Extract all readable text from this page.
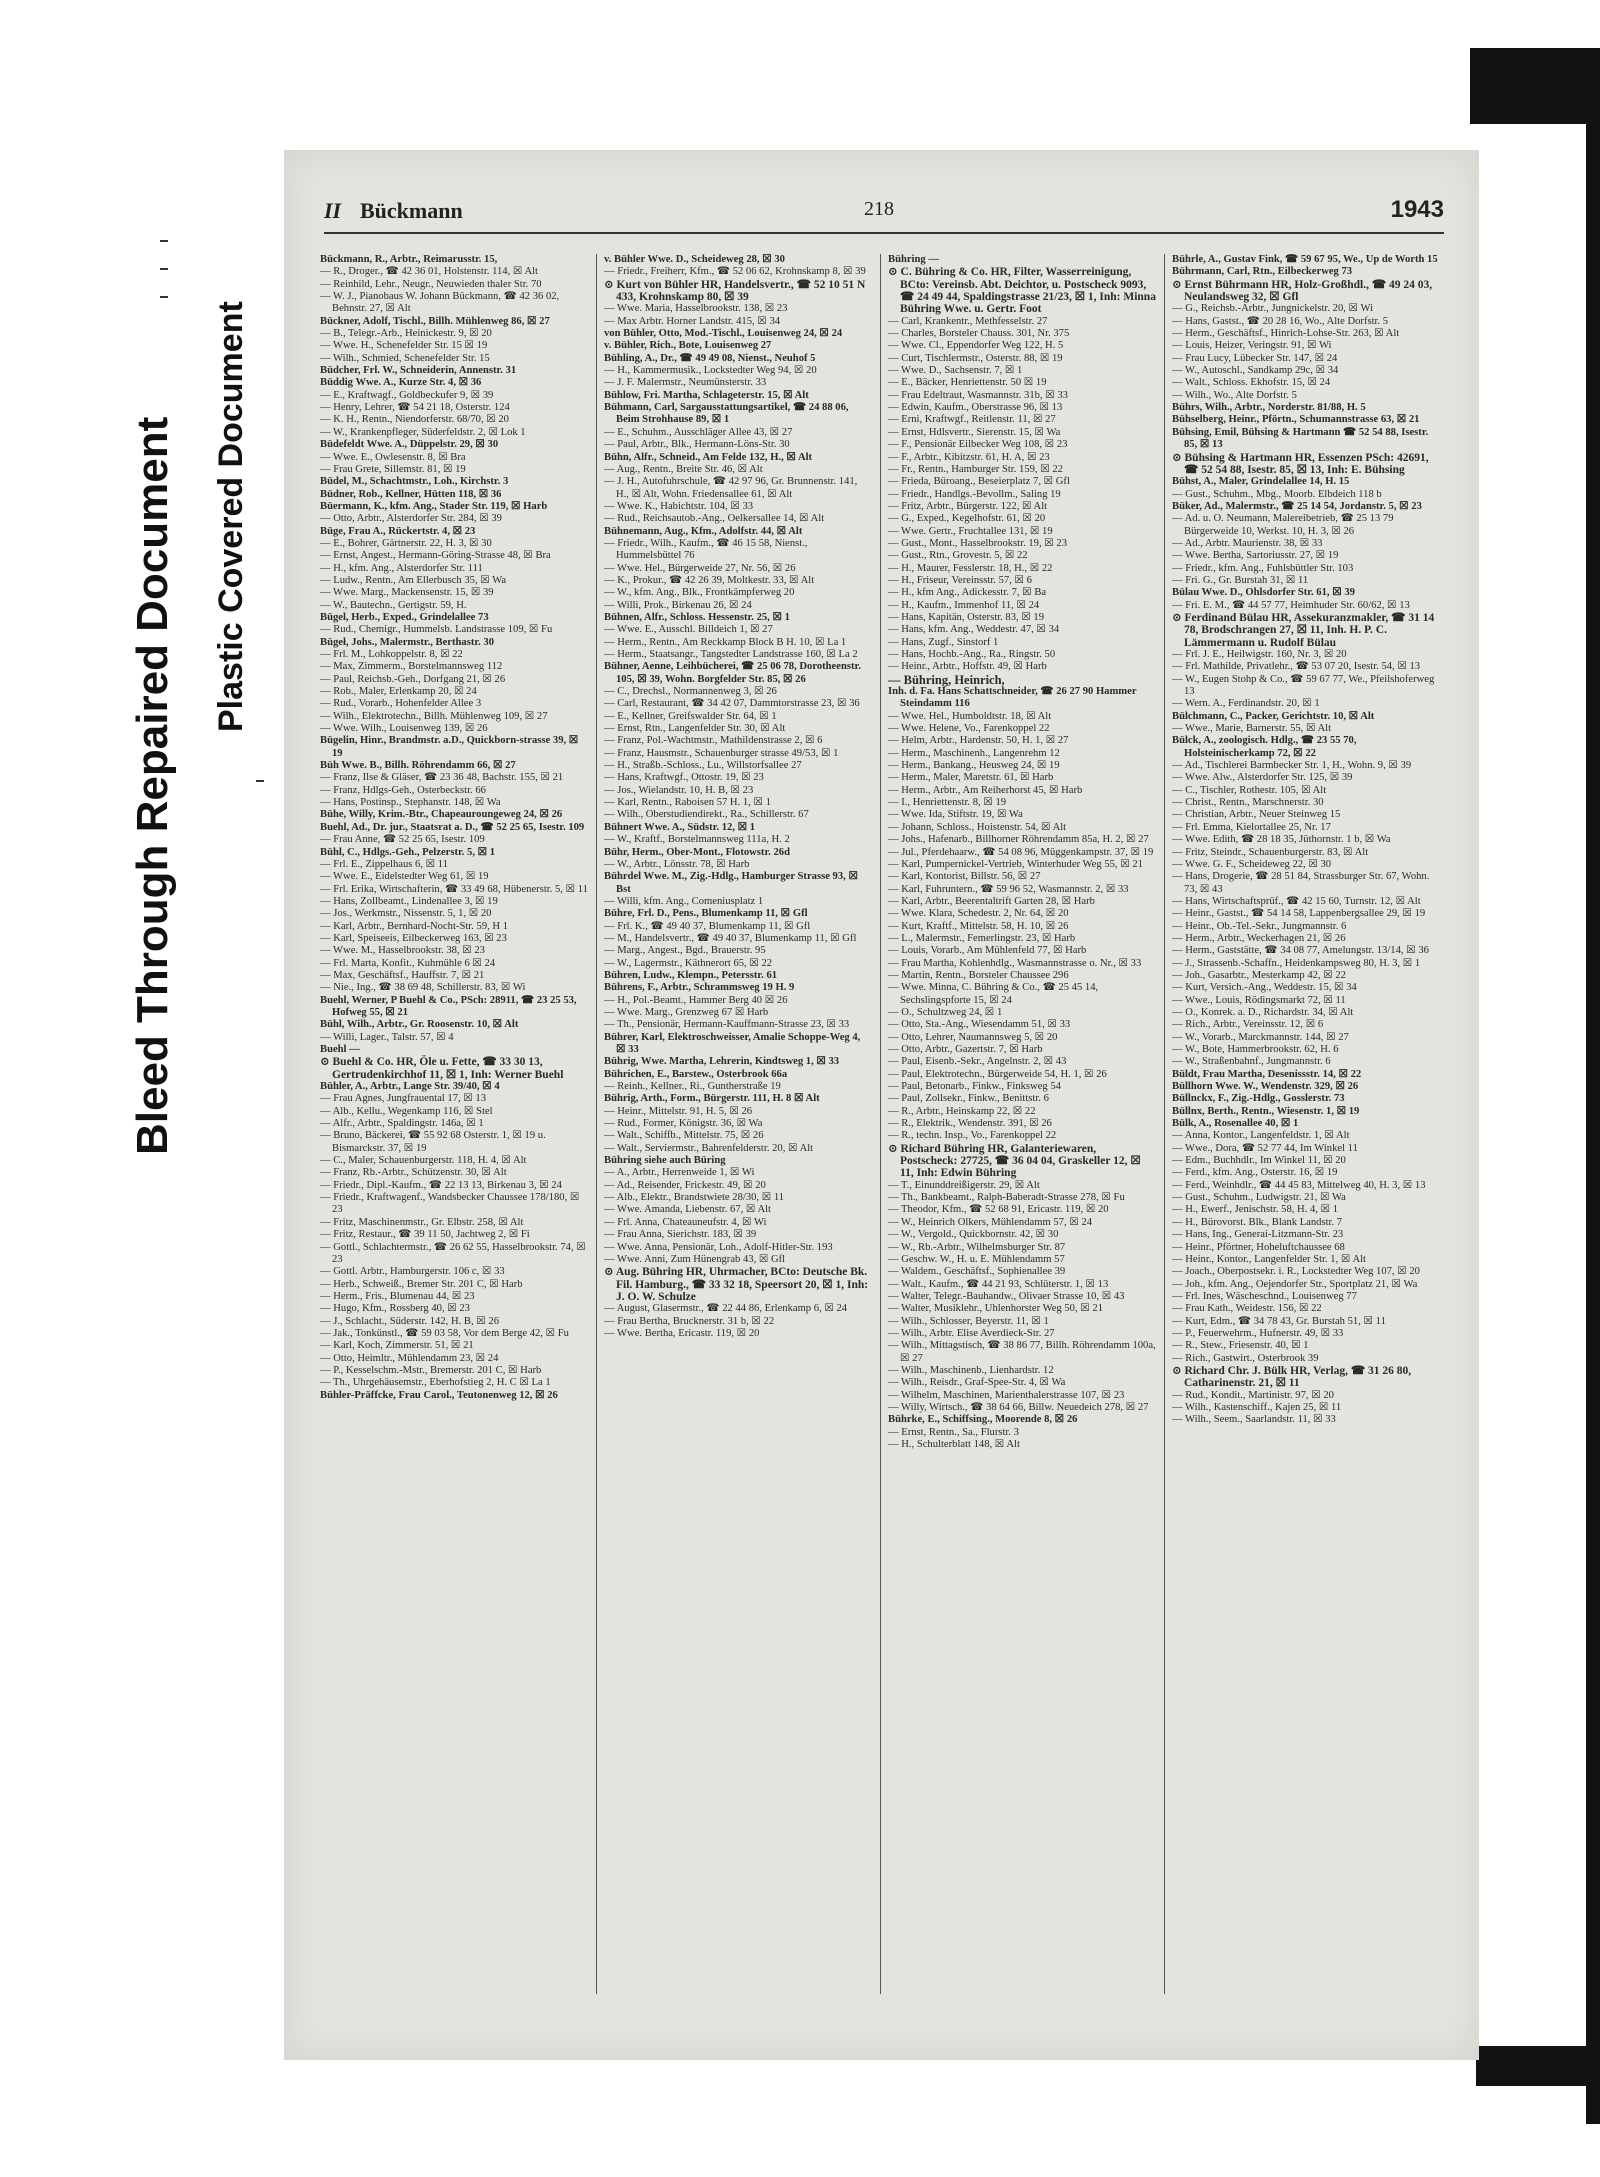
Bleed Through Repaired Document Plastic Covered Document
II Bückmann	218	1943

Bückmann, R., Arbtr., Reimarusstr. 15,

— R., Droger., ☎ 42 36 01, Holstenstr. 114, ☒ Alt

— Reinhild, Lehr., Neugr., Neuwieden thaler Str. 70

— W. J., Pianobaus W. Johann Bückmann, ☎ 42 36 02, Behnstr. 27, ☒ Alt

Bückner, Adolf, Tischl., Billh. Mühlenweg 86, ☒ 27

— B., Telegr.-Arb., Heinickestr. 9, ☒ 20

— Wwe. H., Schenefelder Str. 15 ☒ 19

— Wilh., Schmied, Schenefelder Str. 15

Büdcher, Frl. W., Schneiderin, Annenstr. 31

Büddig Wwe. A., Kurze Str. 4, ☒ 36

— E., Kraftwagf., Goldbeckufer 9, ☒ 39

— Henry, Lehrer, ☎ 54 21 18, Osterstr. 124

— K. H., Rentn., Niendorferstr. 68/70, ☒ 20

— W., Krankenpfleger, Süderfeldstr. 2, ☒ Lok 1

Büdefeldt Wwe. A., Düppelstr. 29, ☒ 30

— Wwe. E., Owlesenstr. 8, ☒ Bra

— Frau Grete, Sillemstr. 81, ☒ 19

Büdel, M., Schachtmstr., Loh., Kirchstr. 3

Büdner, Rob., Kellner, Hütten 118, ☒ 36

Büermann, K., kfm. Ang., Stader Str. 119, ☒ Harb

— Otto, Arbtr., Alsterdorfer Str. 284, ☒ 39

Büge, Frau A., Rückertstr. 4, ☒ 23

— E., Bohrer, Gärtnerstr. 22, H. 3, ☒ 30

— Ernst, Angest., Hermann-Göring-Strasse 48, ☒ Bra

— H., kfm. Ang., Alsterdorfer Str. 111

— Ludw., Rentn., Am Ellerbusch 35, ☒ Wa

— Wwe. Marg., Mackensenstr. 15, ☒ 39

— W., Bautechn., Gertigstr. 59, H.

Bügel, Herb., Exped., Grindelallee 73

— Rud., Chemigr., Hummelsb. Landstrasse 109, ☒ Fu

Bügeł, Johs., Malermstr., Berthastr. 30

— Frl. M., Lohkoppelstr. 8, ☒ 22

— Max, Zimmerm., Borstelmannsweg 112

— Paul, Reichsb.-Geh., Dorfgang 21, ☒ 26

— Rob., Maler, Erlenkamp 20, ☒ 24

— Rud., Vorarb., Hohenfelder Allee 3

— Wilh., Elektrotechn., Billh. Mühlenweg 109, ☒ 27

— Wwe. Wilh., Louisenweg 139, ☒ 26

Bügelin, Hinr., Brandmstr. a.D., Quickborn-strasse 39, ☒ 19

Büh Wwe. B., Billh. Röhrendamm 66, ☒ 27

— Franz, Ilse & Gläser, ☎ 23 36 48, Bachstr. 155, ☒ 21

— Franz, Hdlgs-Geh., Osterbeckstr. 66

— Hans, Postinsp., Stephanstr. 148, ☒ Wa

Bühe, Willy, Krim.-Btr., Chapeauroungeweg 24, ☒ 26

Buehl, Ad., Dr. jur., Staatsrat a. D., ☎ 52 25 65, Isestr. 109

— Frau Anne, ☎ 52 25 65, Isestr. 109

Bühl, C., Hdlgs.-Geh., Pelzerstr. 5, ☒ 1

— Frl. E., Zippelhaus 6, ☒ 11

— Wwe. E., Eidelstedter Weg 61, ☒ 19

— Frl. Erika, Wirtschafterin, ☎ 33 49 68, Hübenerstr. 5, ☒ 11

— Hans, Zollbeamt., Lindenallee 3, ☒ 19

— Jos., Werkmstr., Nissenstr. 5, 1, ☒ 20

— Karl, Arbtr., Bernhard-Nocht-Str. 59, H 1

— Karl, Speiseeis, Eilbeckerweg 163, ☒ 23

— Wwe. M., Hasselbrookstr. 38, ☒ 23

— Frl. Marta, Konfit., Kuhmühle 6 ☒ 24

— Max, Geschäftsf., Hauffstr. 7, ☒ 21

— Nie., Ing., ☎ 38 69 48, Schillerstr. 83, ☒ Wi

Buehl, Werner, P Buehl & Co., PSch: 28911, ☎ 23 25 53, Hofweg 55, ☒ 21

Bühl, Wilh., Arbtr., Gr. Roosenstr. 10, ☒ Alt

— Willi, Lager., Talstr. 57, ☒ 4

Buehl —

⊙ Buehl & Co. HR, Öle u. Fette, ☎ 33 30 13, Gertrudenkirchhof 11, ☒ 1, Inh: Werner Buehl

Bühler, A., Arbtr., Lange Str. 39/40, ☒ 4

— Frau Agnes, Jungfrauental 17, ☒ 13

— Alb., Kellu., Wegenkamp 116, ☒ Stel

— Alfr., Arbtr., Spaldingstr. 146a, ☒ 1

— Bruno, Bäckerei, ☎ 55 92 68 Osterstr. 1, ☒ 19 u. Bismarckstr. 37, ☒ 19

— C., Maler, Schauenburgerstr. 118, H. 4, ☒ Alt

— Franz, Rb.-Arbtr., Schützenstr. 30, ☒ Alt

— Friedr., Dipl.-Kaufm., ☎ 22 13 13, Birkenau 3, ☒ 24

— Friedr., Kraftwagenf., Wandsbecker Chaussee 178/180, ☒ 23

— Fritz, Maschinenmstr., Gr. Elbstr. 258, ☒ Alt

— Fritz, Restaur., ☎ 39 11 50, Jachtweg 2, ☒ Fi

— Gottl., Schlachtermstr., ☎ 26 62 55, Hasselbrookstr. 74, ☒ 23

— Gottl. Arbtr., Hamburgerstr. 106 c, ☒ 33

— Herb., Schweiß., Bremer Str. 201 C, ☒ Harb

— Herm., Fris., Blumenau 44, ☒ 23

— Hugo, Kfm., Rossberg 40, ☒ 23

— J., Schlacht., Süderstr. 142, H. B, ☒ 26

— Jak., Tonkünstl., ☎ 59 03 58, Vor dem Berge 42, ☒ Fu

— Karl, Koch, Zimmerstr. 51, ☒ 21

— Otto, Heimltr., Mühlendamm 23, ☒ 24

— P., Kesselschm.-Mstr., Bremerstr. 201 C, ☒ Harb

— Th., Uhrgehäusemstr., Eberhofstieg 2, H. C ☒ La 1

Bühler-Präffcke, Frau Carol., Teutonenweg 12, ☒ 26

v. Bühler Wwe. D., Scheideweg 28, ☒ 30

— Friedr., Freiherr, Kfm., ☎ 52 06 62, Krohnskamp 8, ☒ 39

⊙ Kurt von Bühler HR, Handelsvertr., ☎ 52 10 51 N 433, Krohnskamp 80, ☒ 39

— Wwe. Maria, Hasselbrookstr. 138, ☒ 23

— Max Arbtr. Horner Landstr. 415, ☒ 34

von Bühler, Otto, Mod.-Tischl., Louisenweg 24, ☒ 24

v. Bühler, Rich., Bote, Louisenweg 27

Bühling, A., Dr., ☎ 49 49 08, Nienst., Neuhof 5

— H., Kammermusik., Lockstedter Weg 94, ☒ 20

— J. F. Malermstr., Neumünsterstr. 33

Bühlow, Fri. Martha, Schlageterstr. 15, ☒ Alt

Bühmann, Carl, Sargausstattungsartikel, ☎ 24 88 06, Beim Strohhause 89, ☒ 1

— E., Schuhm., Ausschläger Allee 43, ☒ 27

— Paul, Arbtr., Blk., Hermann-Löns-Str. 30

Bühn, Alfr., Schneid., Am Felde 132, H., ☒ Alt

— Aug., Rentn., Breite Str. 46, ☒ Alt

— J. H., Autofuhrschule, ☎ 42 97 96, Gr. Brunnenstr. 141, H., ☒ Alt, Wohn. Friedensallee 61, ☒ Alt

— Wwe. K., Habichtstr. 104, ☒ 33

— Rud., Reichsautob.-Ang., Oelkersallee 14, ☒ Alt

Bühnemann, Aug., Kfm., Adolfstr. 44, ☒ Alt

— Friedr., Wilh., Kaufm., ☎ 46 15 58, Nienst., Hummelsbüttel 76

— Wwe. Hel., Bürgerweide 27, Nr. 56, ☒ 26

— K., Prokur., ☎ 42 26 39, Moltkestr. 33, ☒ Alt

— W., kfm. Ang., Blk., Frontkämpferweg 20

— Willi, Prok., Birkenau 26, ☒ 24

Bühnen, Alfr., Schloss. Hessenstr. 25, ☒ 1

— Wwe. E., Ausschl. Billdeich 1, ☒ 27

— Herm., Rentn., Am Reckkamp Block B H. 10, ☒ La 1

— Herm., Staatsangr., Tangstedter Landstrasse 160, ☒ La 2

Bühner, Aenne, Leihbücherei, ☎ 25 06 78, Dorotheenstr. 105, ☒ 39, Wohn. Borgfelder Str. 85, ☒ 26

— C., Drechsl., Normannenweg 3, ☒ 26

— Carl, Restaurant, ☎ 34 42 07, Dammtorstrasse 23, ☒ 36

— E., Kellner, Greifswalder Str. 64, ☒ 1

— Ernst, Rtn., Langenfelder Str. 30, ☒ Alt

— Franz, Pol.-Wachtmstr., Mathildenstrasse 2, ☒ 6

— Franz, Hausmstr., Schauenburger strasse 49/53, ☒ 1

— H., Straßb.-Schloss., Lu., Willstorfsallee 27

— Hans, Kraftwgf., Ottostr. 19, ☒ 23

— Jos., Wielandstr. 10, H. B, ☒ 23

— Karl, Rentn., Raboisen 57 H. 1, ☒ 1

— Wilh., Oberstudiendirekt., Ra., Schillerstr. 67

Bühnert Wwe. A., Südstr. 12, ☒ 1

— W., Kraftf., Borstelmannsweg 111a, H. 2

Bühr, Herm., Ober-Mont., Flotowstr. 26d

— W., Arbtr., Lönsstr. 78, ☒ Harb

Bührdel Wwe. M., Zig.-Hdlg., Hamburger Strasse 93, ☒ Bst

— Willi, kfm. Ang., Comeniusplatz 1

Bühre, Frl. D., Pens., Blumenkamp 11, ☒ Gfl

— Frl. K., ☎ 49 40 37, Blumenkamp 11, ☒ Gfl

— M., Handelsvertr., ☎ 49 40 37, Blumenkamp 11, ☒ Gfl

— Marg., Angest., Bgd., Brauerstr. 95

— W., Lagermstr., Käthnerort 65, ☒ 22

Bühren, Ludw., Klempn., Petersstr. 61

Bührens, F., Arbtr., Schrammsweg 19 H. 9

— H., Pol.-Beamt., Hammer Berg 40 ☒ 26

— Wwe. Marg., Grenzweg 67 ☒ Harb

— Th., Pensionär, Hermann-Kauffmann-Strasse 23, ☒ 33

Bührer, Karl, Elektroschweisser, Amalie Schoppe-Weg 4, ☒ 33

Bührig, Wwe. Martha, Lehrerin, Kindtsweg 1, ☒ 33

Bührichen, E., Barstew., Osterbrook 66a

— Reinh., Kellner., Ri., Guntherstraße 19

Bührig, Arth., Form., Bürgerstr. 111, H. 8 ☒ Alt

— Heinr., Mittelstr. 91, H. 5, ☒ 26

— Rud., Former, Königstr. 36, ☒ Wa

— Walt., Schiffb., Mittelstr. 75, ☒ 26

— Walt., Serviermstr., Bahrenfelderstr. 20, ☒ Alt

Bühring siehe auch Büring

— A., Arbtr., Herrenweide 1, ☒ Wi

— Ad., Reisender, Frickestr. 49, ☒ 20

— Alb., Elektr., Brandstwiete 28/30, ☒ 11

— Wwe. Amanda, Liebenstr. 67, ☒ Alt

— Frl. Anna, Chateauneufstr. 4, ☒ Wi

— Frau Anna, Sierichstr. 183, ☒ 39

— Wwe. Anna, Pensionär, Loh., Adolf-Hitler-Str. 193

— Wwe. Anni, Zum Hünengrab 43, ☒ Gfl

⊙ Aug. Bühring HR, Uhrmacher, BCto: Deutsche Bk. Fil. Hamburg., ☎ 33 32 18, Speersort 20, ☒ 1, Inh: J. O. W. Schulze

— August, Glasermstr., ☎ 22 44 86, Erlenkamp 6, ☒ 24

— Frau Bertha, Brucknerstr. 31 b, ☒ 22

— Wwe. Bertha, Ericastr. 119, ☒ 20

Bühring —

⊙ C. Bühring & Co. HR, Filter, Wasserreinigung, BCto: Vereinsb. Abt. Deichtor, u. Postscheck 9093, ☎ 24 49 44, Spaldingstrasse 21/23, ☒ 1, Inh: Minna Bühring Wwe. u. Gertr. Foot

— Carl, Krankentr., Methfesselstr. 27

— Charles, Borsteler Chauss. 301, Nr. 375

— Wwe. Cl., Eppendorfer Weg 122, H. 5

— Curt, Tischlermstr., Osterstr. 88, ☒ 19

— Wwe. D., Sachsenstr. 7, ☒ 1

— E., Bäcker, Henriettenstr. 50 ☒ 19

— Frau Edeltraut, Wasmannstr. 31b, ☒ 33

— Edwin, Kaufm., Oberstrasse 96, ☒ 13

— Erni, Kraftwgf., Reitlenstr. 11, ☒ 27

— Ernst, Hdlsvertr., Sierenstr. 15, ☒ Wa

— F., Pensionär Eilbecker Weg 108, ☒ 23

— F., Arbtr., Kibitzstr. 61, H. A, ☒ 23

— Fr., Rentn., Hamburger Str. 159, ☒ 22

— Frieda, Büroang., Beseierplatz 7, ☒ Gfl

— Friedr., Handlgs.-Bevollm., Saling 19

— Fritz, Arbtr., Bürgerstr. 122, ☒ Alt

— G., Exped., Kegelhofstr. 61, ☒ 20

— Wwe. Gertr., Fruchtallee 131, ☒ 19

— Gust., Mont., Hasselbrookstr. 19, ☒ 23

— Gust., Rtn., Grovestr. 5, ☒ 22

— H., Maurer, Fesslerstr. 18, H., ☒ 22

— H., Friseur, Vereinsstr. 57, ☒ 6

— H., kfm Ang., Adickesstr. 7, ☒ Ba

— H., Kaufm., Immenhof 11, ☒ 24

— Hans, Kapitän, Osterstr. 83, ☒ 19

— Hans, kfm. Ang., Weddestr. 47, ☒ 34

— Hans, Zugf., Sinstorf 1

— Hans, Hochb.-Ang., Ra., Ringstr. 50

— Heinr., Arbtr., Hoffstr. 49, ☒ Harb

— Bühring, Heinrich,

Inh. d. Fa. Hans Schattschneider, ☎ 26 27 90 Hammer Steindamm 116

— Wwe. Hel., Humboldtstr. 18, ☒ Alt

— Wwe. Helene, Vo., Farenkoppel 22

— Helm, Arbtr., Hardenstr. 50, H. 1, ☒ 27

— Herm., Maschinenh., Langenrehm 12

— Herm., Bankang., Heusweg 24, ☒ 19

— Herm., Maler, Maretstr. 61, ☒ Harb

— Herm., Arbtr., Am Reiherhorst 45, ☒ Harb

— I., Henriettenstr. 8, ☒ 19

— Wwe. Ida, Stiftstr. 19, ☒ Wa

— Johann, Schloss., Hoistenstr. 54, ☒ Alt

— Johs., Hafenarb., Billhorner Röhrendamm 85a, H. 2, ☒ 27

— Jul., Pferdehaarw., ☎ 54 08 96, Müggenkampstr. 37, ☒ 19

— Karl, Pumpernickel-Vertrieb, Winterhuder Weg 55, ☒ 21

— Karl, Kontorist, Billstr. 56, ☒ 27

— Karl, Fuhruntern., ☎ 59 96 52, Wasmannstr. 2, ☒ 33

— Karl, Arbtr., Beerentaltrift Garten 28, ☒ Harb

— Wwe. Klara, Schedestr. 2, Nr. 64, ☒ 20

— Kurt, Kraftf., Mittelstr. 58, H. 10, ☒ 26

— L., Malermstr., Femerlingstr. 23, ☒ Harb

— Louis, Vorarb., Am Mühlenfeld 77, ☒ Harb

— Frau Martha, Kohlenhdlg., Wasmannstrasse o. Nr., ☒ 33

— Martin, Rentn., Borsteler Chaussee 296

— Wwe. Minna, C. Bühring & Co., ☎ 25 45 14, Sechslingspforte 15, ☒ 24

— O., Schultzweg 24, ☒ 1

— Otto, Sta.-Ang., Wiesendamm 51, ☒ 33

— Otto, Lehrer, Naumannsweg 5, ☒ 20

— Otto, Arbtr., Gazertstr. 7, ☒ Harb

— Paul, Eisenb.-Sekr., Angelnstr. 2, ☒ 43

— Paul, Elektrotechn., Bürgerweide 54, H. 1, ☒ 26

— Paul, Betonarb., Finkw., Finksweg 54

— Paul, Zollsekr., Finkw., Benittstr. 6

— R., Arbtr., Heinskamp 22, ☒ 22

— R., Elektrik., Wendenstr. 391, ☒ 26

— R., techn. Insp., Vo., Farenkoppel 22

⊙ Richard Bühring HR, Galanteriewaren, Postscheck: 27725, ☎ 36 04 04, Graskeller 12, ☒ 11, Inh: Edwin Bühring

— T., Einunddreißigerstr. 29, ☒ Alt

— Th., Bankbeamt., Ralph-Baberadt-Strasse 278, ☒ Fu

— Theodor, Kfm., ☎ 52 68 91, Ericastr. 119, ☒ 20

— W., Heinrich Olkers, Mühlendamm 57, ☒ 24

— W., Vergold., Quickbornstr. 42, ☒ 30

— W., Rb.-Arbtr., Wilhelmsburger Str. 87

— Geschw. W., H. u. E. Mühlendamm 57

— Waldem., Geschäftsf., Sophienallee 39

— Walt., Kaufm., ☎ 44 21 93, Schlüterstr. 1, ☒ 13

— Walter, Telegr.-Bauhandw., Olivaer Strasse 10, ☒ 43

— Walter, Musiklehr., Uhlenhorster Weg 50, ☒ 21

— Wilh., Schlosser, Beyerstr. 11, ☒ 1

— Wilh., Arbtr. Elise Averdieck-Str. 27

— Wilh., Mittagstisch, ☎ 38 86 77, Billh. Röhrendamm 100a, ☒ 27

— Wilh., Maschinenb., Lienhardstr. 12

— Wilh., Reisdr., Graf-Spee-Str. 4, ☒ Wa

— Wilhelm, Maschinen, Marienthalerstrasse 107, ☒ 23

— Willy, Wirtsch., ☎ 38 64 66, Billw. Neuedeich 278, ☒ 27

Bührke, E., Schiffsing., Moorende 8, ☒ 26

— Ernst, Rentn., Sa., Flurstr. 3

— H., Schulterblatt 148, ☒ Alt

Bührle, A., Gustav Fink, ☎ 59 67 95, We., Up de Worth 15

Bührmann, Carl, Rtn., Eilbeckerweg 73

⊙ Ernst Bührmann HR, Holz-Großhdl., ☎ 49 24 03, Neulandsweg 32, ☒ Gfl

— G., Reichsb.-Arbtr., Jungnickelstr. 20, ☒ Wi

— Hans, Gastst., ☎ 20 28 16, Wo., Alte Dorfstr. 5

— Herm., Geschäftsf., Hinrich-Lohse-Str. 263, ☒ Alt

— Louis, Heizer, Veringstr. 91, ☒ Wi

— Frau Lucy, Lübecker Str. 147, ☒ 24

— W., Autoschl., Sandkamp 29c, ☒ 34

— Walt., Schloss. Ekhofstr. 15, ☒ 24

— Wilh., Wo., Alte Dorfstr. 5

Bührs, Wilh., Arbtr., Norderstr. 81/88, H. 5

Bühselberg, Heinr., Pförtn., Schumannstrasse 63, ☒ 21

Bühsing, Emil, Bühsing & Hartmann ☎ 52 54 88, Isestr. 85, ☒ 13

⊙ Bühsing & Hartmann HR, Essenzen PSch: 42691, ☎ 52 54 88, Isestr. 85, ☒ 13, Inh: E. Bühsing

Bühst, A., Maler, Grindelallee 14, H. 15

— Gust., Schuhm., Mbg., Moorb. Elbdeich 118 b

Büker, Ad., Malermstr., ☎ 25 14 54, Jordanstr. 5, ☒ 23

— Ad. u. O. Neumann, Malereibetrieb, ☎ 25 13 79 Bürgerweide 10, Werkst. 10, H. 3, ☒ 26

— Ad., Arbtr. Maurienstr. 38, ☒ 33

— Wwe. Bertha, Sartoriusstr. 27, ☒ 19

— Friedr., kfm. Ang., Fuhlsbüttler Str. 103

— Fri. G., Gr. Burstah 31, ☒ 11

Bülau Wwe. D., Ohlsdorfer Str. 61, ☒ 39

— Fri. E. M., ☎ 44 57 77, Heimhuder Str. 60/62, ☒ 13

⊙ Ferdinand Bülau HR, Assekuranzmakler, ☎ 31 14 78, Brodschrangen 27, ☒ 11, Inh. H. P. C. Lämmermann u. Rudolf Bülau

— Frl. J. E., Heilwigstr. 160, Nr. 3, ☒ 20

— Frl. Mathilde, Privatlehr., ☎ 53 07 20, Isestr. 54, ☒ 13

— W., Eugen Stohp & Co., ☎ 59 67 77, We., Pfeilshoferweg 13

— Wern. A., Ferdinandstr. 20, ☒ 1

Bülchmann, C., Packer, Gerichtstr. 10, ☒ Alt

— Wwe., Marie, Barnerstr. 55, ☒ Alt

Bülck, A., zoologisch. Hdlg., ☎ 23 55 70, Holsteinischerkamp 72, ☒ 22

— Ad., Tischlerei Barmbecker Str. 1, H., Wohn. 9, ☒ 39

— Wwe. Alw., Alsterdorfer Str. 125, ☒ 39

— C., Tischler, Rothestr. 105, ☒ Alt

— Christ., Rentn., Marschnerstr. 30

— Christian, Arbtr., Neuer Steinweg 15

— Frl. Emma, Kielortallee 25, Nr. 17

— Wwe. Edith, ☎ 28 18 35, Jüthornstr. 1 b, ☒ Wa

— Fritz, Steindr., Schauenburgerstr. 83, ☒ Alt

— Wwe. G. F., Scheideweg 22, ☒ 30

— Hans, Drogerie, ☎ 28 51 84, Strassburger Str. 67, Wohn. 73, ☒ 43

— Hans, Wirtschaftsprüf., ☎ 42 15 60, Turnstr. 12, ☒ Alt

— Heinr., Gastst., ☎ 54 14 58, Lappenbergsallee 29, ☒ 19

— Heinr., Ob.-Tel.-Sekr., Jungmannstr. 6

— Herm., Arbtr., Weckerhagen 21, ☒ 26

— Herm., Gaststätte, ☎ 34 08 77, Amelungstr. 13/14, ☒ 36

— J., Strassenb.-Schaffn., Heidenkampsweg 80, H. 3, ☒ 1

— Joh., Gasarbtr., Mesterkamp 42, ☒ 22

— Kurt, Versich.-Ang., Weddestr. 15, ☒ 34

— Wwe., Louis, Rödingsmarkt 72, ☒ 11

— O., Konrek. a. D., Richardstr. 34, ☒ Alt

— Rich., Arbtr., Vereinsstr. 12, ☒ 6

— W., Vorarb., Marckmannstr. 144, ☒ 27

— W., Bote, Hammerbrookstr. 62, H. 6

— W., Straßenbahnf., Jungmannstr. 6

Büldt, Frau Martha, Desenissstr. 14, ☒ 22

Büllhorn Wwe. W., Wendenstr. 329, ☒ 26

Büllnckx, F., Zig.-Hdlg., Gosslerstr. 73

Büllnx, Berth., Rentn., Wiesenstr. 1, ☒ 19

Bülk, A., Rosenallee 40, ☒ 1

— Anna, Kontor., Langenfeldstr. 1, ☒ Alt

— Wwe., Dora, ☎ 52 77 44, Im Winkel 11

— Edm., Buchhdlr., Im Winkel 11, ☒ 20

— Ferd., kfm. Ang., Osterstr. 16, ☒ 19

— Ferd., Weinhdlr., ☎ 44 45 83, Mittelweg 40, H. 3, ☒ 13

— Gust., Schuhm., Ludwigstr. 21, ☒ Wa

— H., Ewerf., Jenischstr. 58, H. 4, ☒ 1

— H., Bürovorst. Blk., Blank Landstr. 7

— Hans, Ing., Generai-Litzmann-Str. 23

— Heinr., Pförtner, Hoheluftchaussee 68

— Heinr., Kontor., Langenfelder Str. 1, ☒ Alt

— Joach., Oberpostsekr. i. R., Lockstedter Weg 107, ☒ 20

— Joh., kfm. Ang., Oejendorfer Str., Sportplatz 21, ☒ Wa

— Frl. Ines, Wäscheschnd., Louisenweg 77

— Frau Kath., Weidestr. 156, ☒ 22

— Kurt, Edm., ☎ 34 78 43, Gr. Burstah 51, ☒ 11

— P., Feuerwehrm., Hufnerstr. 49, ☒ 33

— R., Stew., Friesenstr. 40, ☒ 1

— Rich., Gastwirt., Osterbrook 39

⊙ Richard Chr. J. Bülk HR, Verlag, ☎ 31 26 80, Catharinenstr. 21, ☒ 11

— Rud., Kondit., Martinistr. 97, ☒ 20

— Wilh., Kastenschiff., Kajen 25, ☒ 11

— Wilh., Seem., Saarlandstr. 11, ☒ 33
